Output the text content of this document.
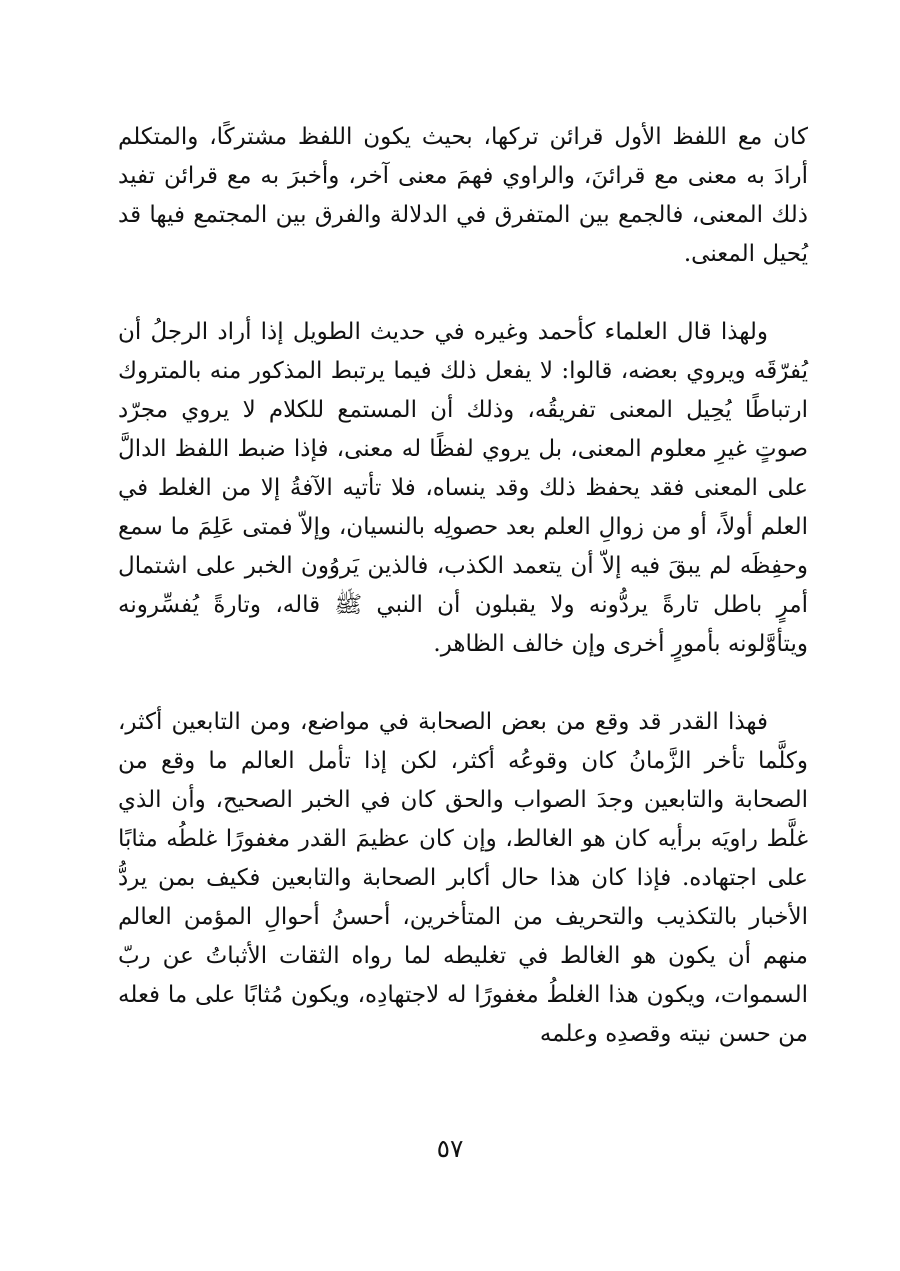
كان مع اللفظ الأول قرائن تركها، بحيث يكون اللفظ مشتركًا، والمتكلم أرادَ به معنى مع قرائنَ، والراوي فهمَ معنى آخر، وأخبرَ به مع قرائن تفيد ذلك المعنى، فالجمع بين المتفرق في الدلالة والفرق بين المجتمع فيها قد يُحيل المعنى.

ولهذا قال العلماء كأحمد وغيره في حديث الطويل إذا أراد الرجلُ أن يُفرّقَه ويروي بعضه، قالوا: لا يفعل ذلك فيما يرتبط المذكور منه بالمتروك ارتباطًا يُحِيل المعنى تفريقُه، وذلك أن المستمع للكلام لا يروي مجرّد صوتٍ غيرِ معلوم المعنى، بل يروي لفظًا له معنى، فإذا ضبط اللفظ الدالَّ على المعنى فقد يحفظ ذلك وقد ينساه، فلا تأتيه الآفةُ إلا من الغلط في العلم أولاً، أو من زوالِ العلم بعد حصولِه بالنسيان، وإلاّ فمتى عَلِمَ ما سمع وحفِظَه لم يبقَ فيه إلاّ أن يتعمد الكذب، فالذين يَروُون الخبر على اشتمال أمرٍ باطل تارةً يردُّونه ولا يقبلون أن النبي ﷺ قاله، وتارةً يُفسِّرونه ويتأوَّلونه بأمورٍ أخرى وإن خالف الظاهر.

فهذا القدر قد وقع من بعض الصحابة في مواضع، ومن التابعين أكثر، وكلَّما تأخر الزَّمانُ كان وقوعُه أكثر، لكن إذا تأمل العالم ما وقع من الصحابة والتابعين وجدَ الصواب والحق كان في الخبر الصحيح، وأن الذي غلَّط راويَه برأيه كان هو الغالط، وإن كان عظيمَ القدر مغفورًا غلطُه مثابًا على اجتهاده. فإذا كان هذا حال أكابر الصحابة والتابعين فكيف بمن يردُّ الأخبار بالتكذيب والتحريف من المتأخرين، أحسنُ أحوالِ المؤمن العالم منهم أن يكون هو الغالط في تغليطه لما رواه الثقات الأثباتُ عن ربّ السموات، ويكون هذا الغلطُ مغفورًا له لاجتهادِه، ويكون مُثابًا على ما فعله من حسن نيته وقصدِه وعلمه

٥٧
